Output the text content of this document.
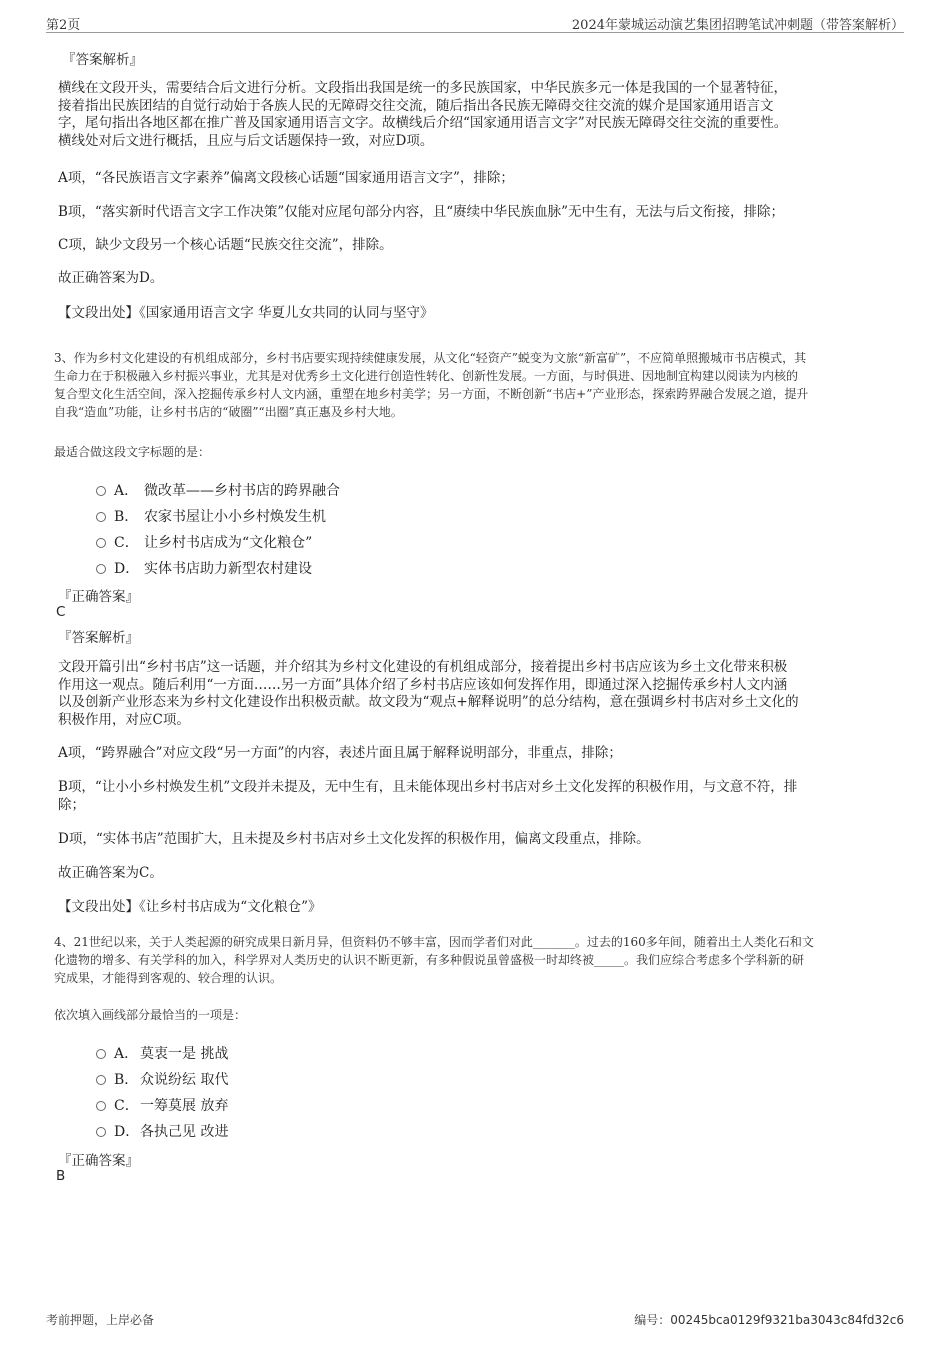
第2页	2024年蒙城运动演艺集团招聘笔试冲刺题（带答案解析）
『答案解析』
横线在文段开头，需要结合后文进行分析。文段指出我国是统一的多民族国家，中华民族多元一体是我国的一个显著特征，
接着指出民族团结的自觉行动始于各族人民的无障碍交往交流，随后指出各民族无障碍交往交流的媒介是国家通用语言文
字，尾句指出各地区都在推广普及国家通用语言文字。故横线后介绍“国家通用语言文字”对民族无障碍交往交流的重要性。
横线处对后文进行概括，且应与后文话题保持一致，对应D项。
A项，“各民族语言文字素养”偏离文段核心话题“国家通用语言文字”，排除；
B项，“落实新时代语言文字工作决策”仅能对应尾句部分内容，且“赓续中华民族血脉”无中生有，无法与后文衔接，排除；
C项，缺少文段另一个核心话题“民族交往交流”，排除。
故正确答案为D。
【文段出处】《国家通用语言文字 华夏儿女共同的认同与坚守》
3、作为乡村文化建设的有机组成部分，乡村书店要实现持续健康发展，从文化“轻资产”蜕变为文旅“新富矿”，不应简单照搬城市书店模式，其
生命力在于积极融入乡村振兴事业，尤其是对优秀乡土文化进行创造性转化、创新性发展。一方面，与时俱进、因地制宜构建以阅读为内核的
复合型文化生活空间，深入挖掘传承乡村人文内涵，重塑在地乡村美学；另一方面，不断创新“书店+”产业形态，探索跨界融合发展之道，提升
自我“造血”功能，让乡村书店的“破圈”“出圈”真正惠及乡村大地。
最适合做这段文字标题的是：
A． 微改革——乡村书店的跨界融合
B． 农家书屋让小小乡村焕发生机
C． 让乡村书店成为“文化粮仓”
D． 实体书店助力新型农村建设
『正确答案』
C
『答案解析』
文段开篇引出“乡村书店”这一话题，并介绍其为乡村文化建设的有机组成部分，接着提出乡村书店应该为乡土文化带来积极
作用这一观点。随后利用“一方面……另一方面”具体介绍了乡村书店应该如何发挥作用，即通过深入挖掘传承乡村人文内涵
以及创新产业形态来为乡村文化建设作出积极贡献。故文段为“观点+解释说明”的总分结构，意在强调乡村书店对乡土文化的
积极作用，对应C项。
A项，“跨界融合”对应文段“另一方面”的内容，表述片面且属于解释说明部分，非重点，排除；
B项，“让小小乡村焕发生机”文段并未提及，无中生有，且未能体现出乡村书店对乡土文化发挥的积极作用，与文意不符，排
除；
D项，“实体书店”范围扩大，且未提及乡村书店对乡土文化发挥的积极作用，偏离文段重点，排除。
故正确答案为C。
【文段出处】《让乡村书店成为“文化粮仓”》
4、21世纪以来，关于人类起源的研究成果日新月异，但资料仍不够丰富，因而学者们对此_______。过去的160多年间，随着出土人类化石和文
化遗物的增多、有关学科的加入，科学界对人类历史的认识不断更新，有多种假说虽曾盛极一时却终被_____。我们应综合考虑多个学科新的研
究成果，才能得到客观的、较合理的认识。
依次填入画线部分最恰当的一项是：
A． 莫衷一是 挑战
B． 众说纷纭 取代
C．一筹莫展 放弃
D．各执己见 改进
『正确答案』
B
考前押题，上岸必备	编号：00245bca0129f9321ba3043c84fd32c6
